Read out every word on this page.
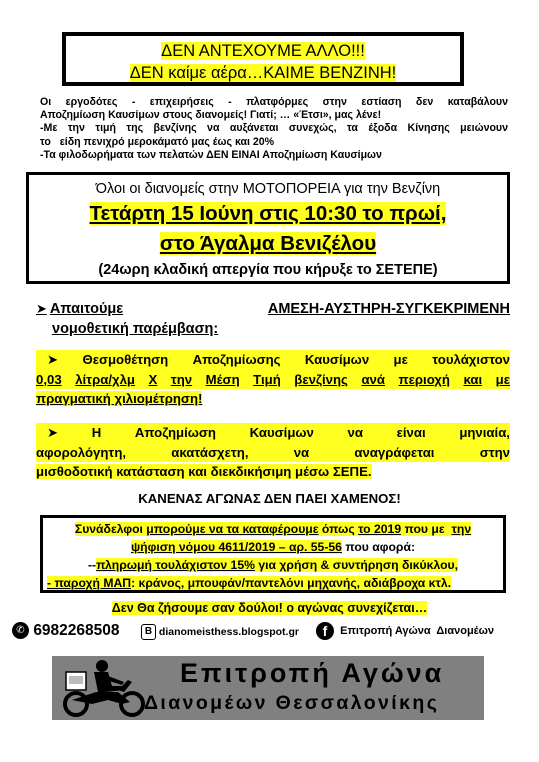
ΔΕΝ ΑΝΤΕΧΟΥΜΕ ΑΛΛΟ!!!
ΔΕΝ καίμε αέρα…ΚΑΙΜΕ ΒΕΝΖΙΝΗ!

Οι εργοδότες - επιχειρήσεις - πλατφόρμες στην εστίαση δεν καταβάλουν

Αποζημίωση Καυσίμων στους διανομείς! Γιατί; … «Έτσι», μας λένε!

-Με την τιμή της βενζίνης να αυξάνεται συνεχώς, τα έξοδα Κίνησης μειώνουν

το   είδη πενιχρό μεροκάματό μας έως και 20%

-Τα φιλοδωρήματα των πελατών ΔΕΝ ΕΙΝΑΙ Αποζημίωση Καυσίμων

Όλοι οι διανομείς στην ΜΟΤΟΠΟΡΕΙΑ για την Βενζίνη
Τετάρτη 15 Ιούνη στις 10:30 το πρωί,
στο Άγαλμα Βενιζέλου
(24ωρη κλαδική απεργία που κήρυξε το ΣΕΤΕΠΕ)
➤ Απαιτούμε	ΑΜΕΣΗ-ΑΥΣΤΗΡΗ-ΣΥΓΚΕΚΡΙΜΕΝΗ
νομοθετική παρέμβαση:
➤ Θεσμοθέτηση Αποζημίωσης Καυσίμων με τουλάχιστον
0,03 λίτρα/χλμ Χ την Μέση Τιμή βενζίνης ανά περιοχή και με
πραγματική χιλιομέτρηση!
➤	Η	Αποζημίωση	Καυσίμων	να	είναι	μηνιαία,
αφορολόγητη,	ακατάσχετη,	να	αναγράφεται	στην
μισθοδοτική κατάσταση και διεκδικήσιμη μέσω ΣΕΠΕ.
ΚΑΝΕΝΑΣ ΑΓΩΝΑΣ ΔΕΝ ΠΑΕΙ ΧΑΜΕΝΟΣ!
Συνάδελφοι μπορούμε να τα καταφέρουμε όπως το 2019 που με  την
ψήφιση νόμου 4611/2019 – αρ. 55-56 που αφορά:
--πληρωμή τουλάχιστον 15% για χρήση & συντήρηση δικύκλου,
- παροχή ΜΑΠ: κράνος, μπουφάν/παντελόνι μηχανής, αδιάβροχα κτλ.
Δεν Θα ζήσουμε σαν δούλοι! ο αγώνας συνεχίζεται…
✆ 6982268508	B dianomeisthess.blogspot.gr	f Επιτροπή Αγώνα  Διανομέων
Επιτροπή Αγώνα
Διανομέων Θεσσαλονίκης
